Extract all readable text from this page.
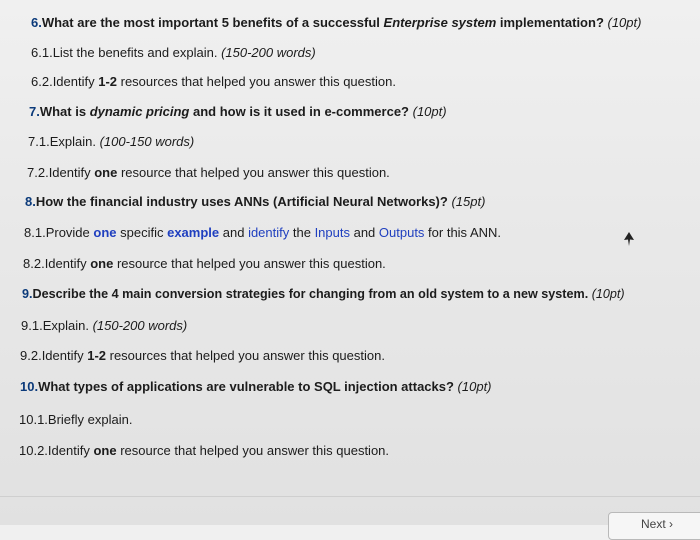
6.What are the most important 5 benefits of a successful Enterprise system implementation? (10pt)
6.1.List the benefits and explain. (150-200 words)
6.2.Identify 1-2 resources that helped you answer this question.
7.What is dynamic pricing and how is it used in e-commerce? (10pt)
7.1.Explain. (100-150 words)
7.2.Identify one resource that helped you answer this question.
8.How the financial industry uses ANNs (Artificial Neural Networks)? (15pt)
8.1.Provide one specific example and identify the Inputs and Outputs for this ANN.
8.2.Identify one resource that helped you answer this question.
9.Describe the 4 main conversion strategies for changing from an old system to a new system. (10pt)
9.1.Explain. (150-200 words)
9.2.Identify 1-2 resources that helped you answer this question.
10.What types of applications are vulnerable to SQL injection attacks? (10pt)
10.1.Briefly explain.
10.2.Identify one resource that helped you answer this question.
Next ›
